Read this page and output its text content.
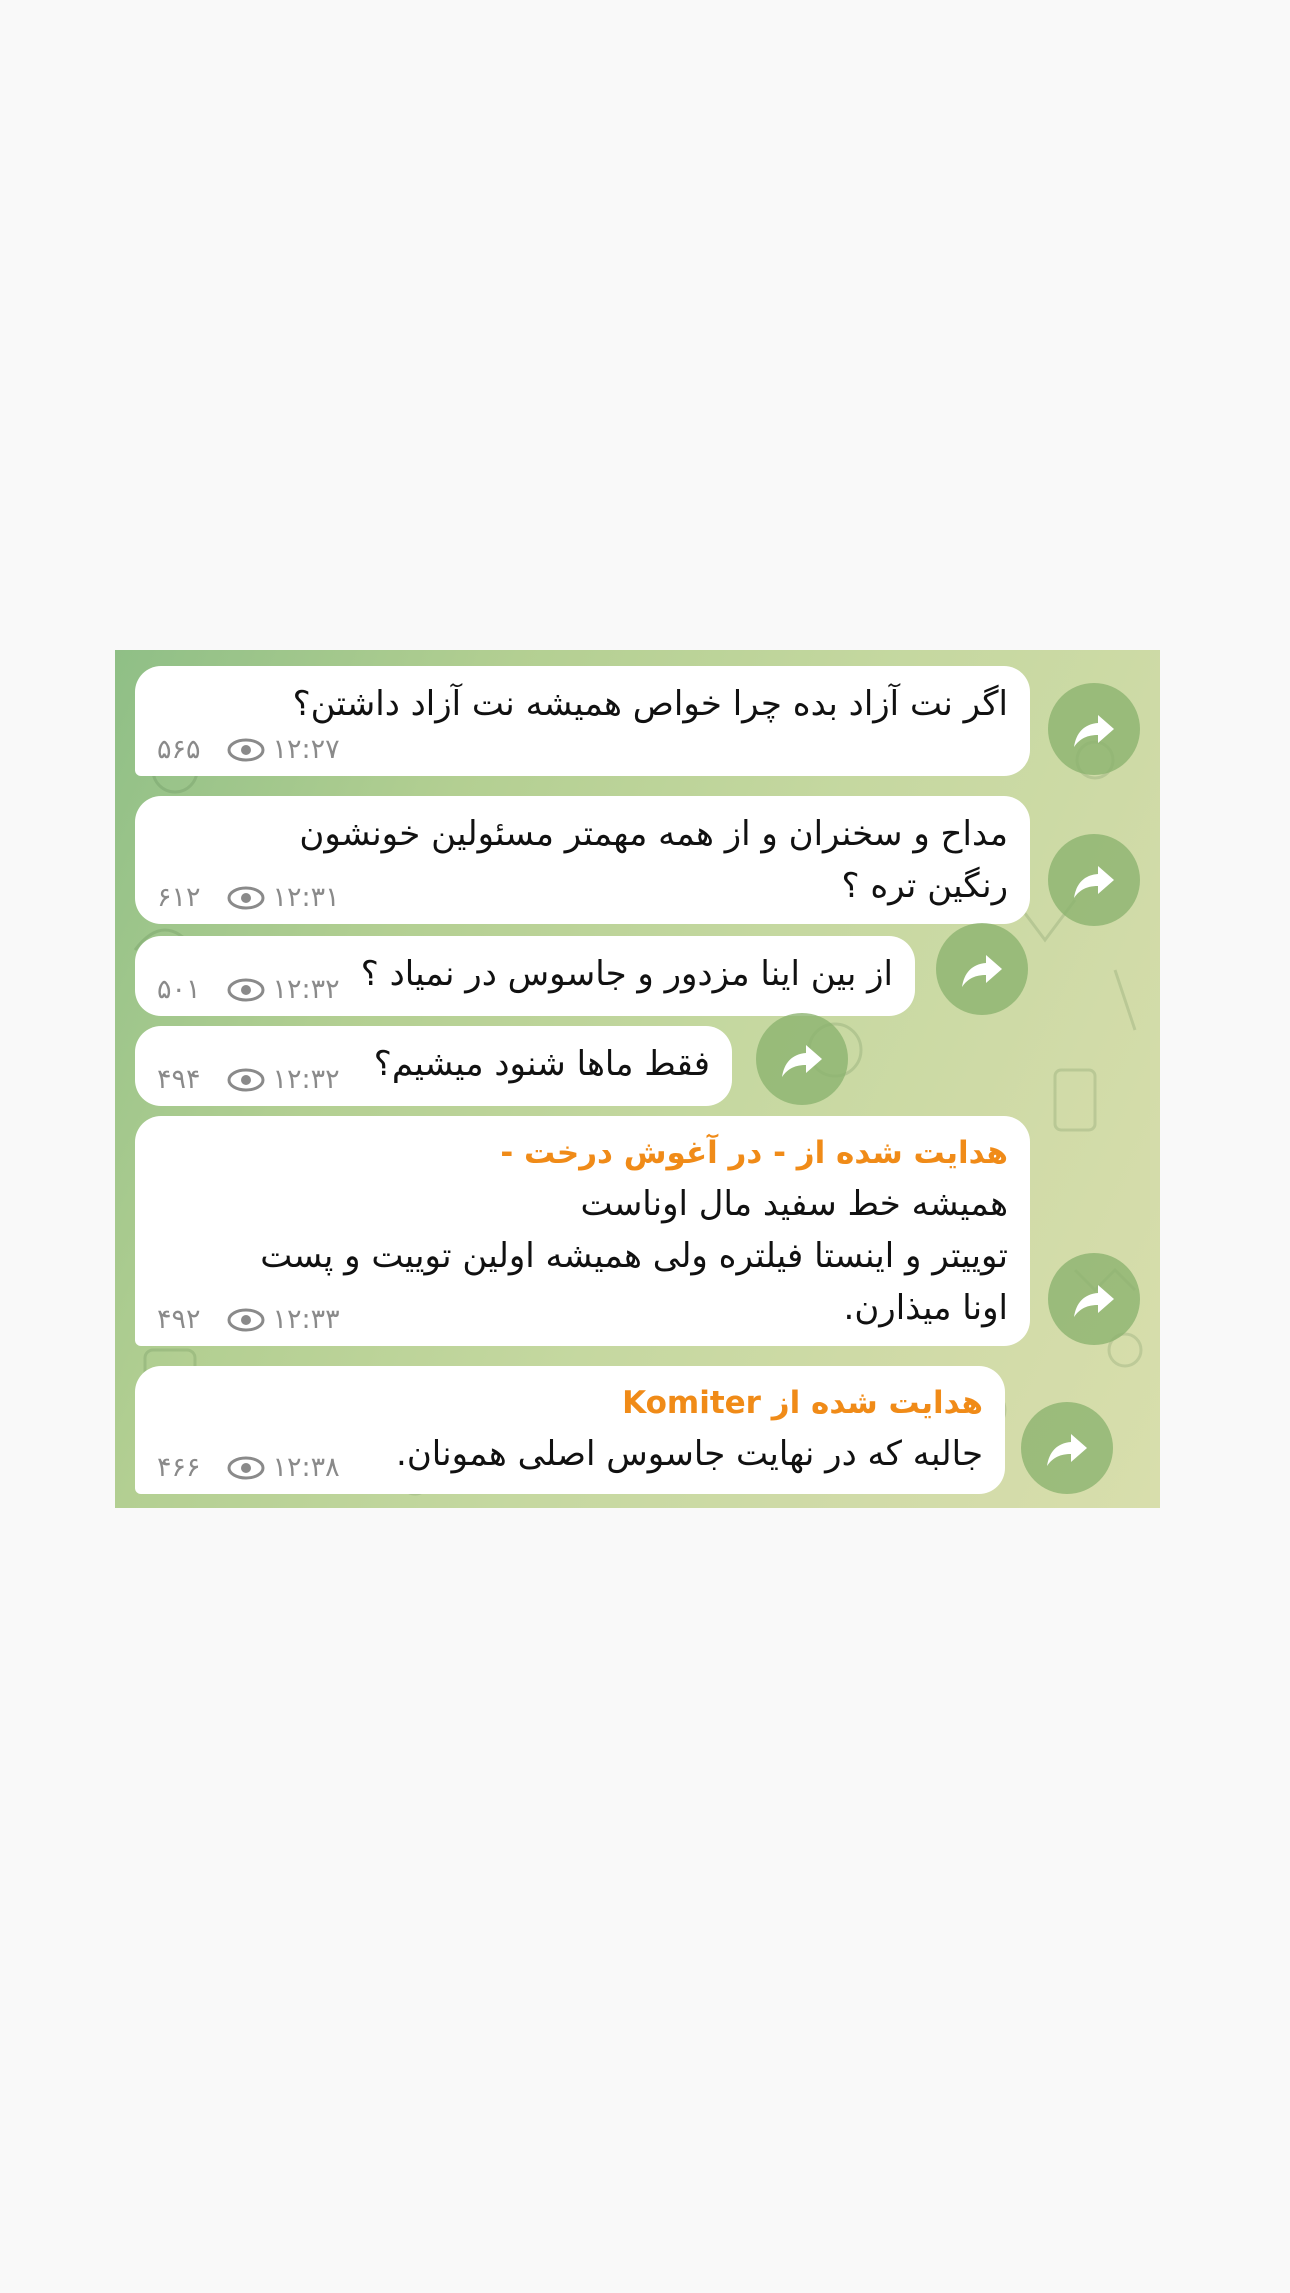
اگر نت آزاد بده چرا خواص همیشه نت آزاد داشتن؟
۵۶۵	۱۲:۲۷
مداح و سخنران و از همه مهمتر مسئولین خونشون
رنگین تره ؟
۶۱۲	۱۲:۳۱
از بین اینا مزدور و جاسوس در نمیاد ؟
۵۰۱	۱۲:۳۲
فقط ماها شنود میشیم؟
۴۹۴	۱۲:۳۲
هدایت شده از - در آغوش درخت -
همیشه خط سفید مال اوناست
توییتر و اینستا فیلتره ولی همیشه اولین توییت و پست
اونا میذارن.
۴۹۲	۱۲:۳۳
هدایت شده از Komiter
جالبه که در نهایت جاسوس اصلی همونان.
۴۶۶	۱۲:۳۸
